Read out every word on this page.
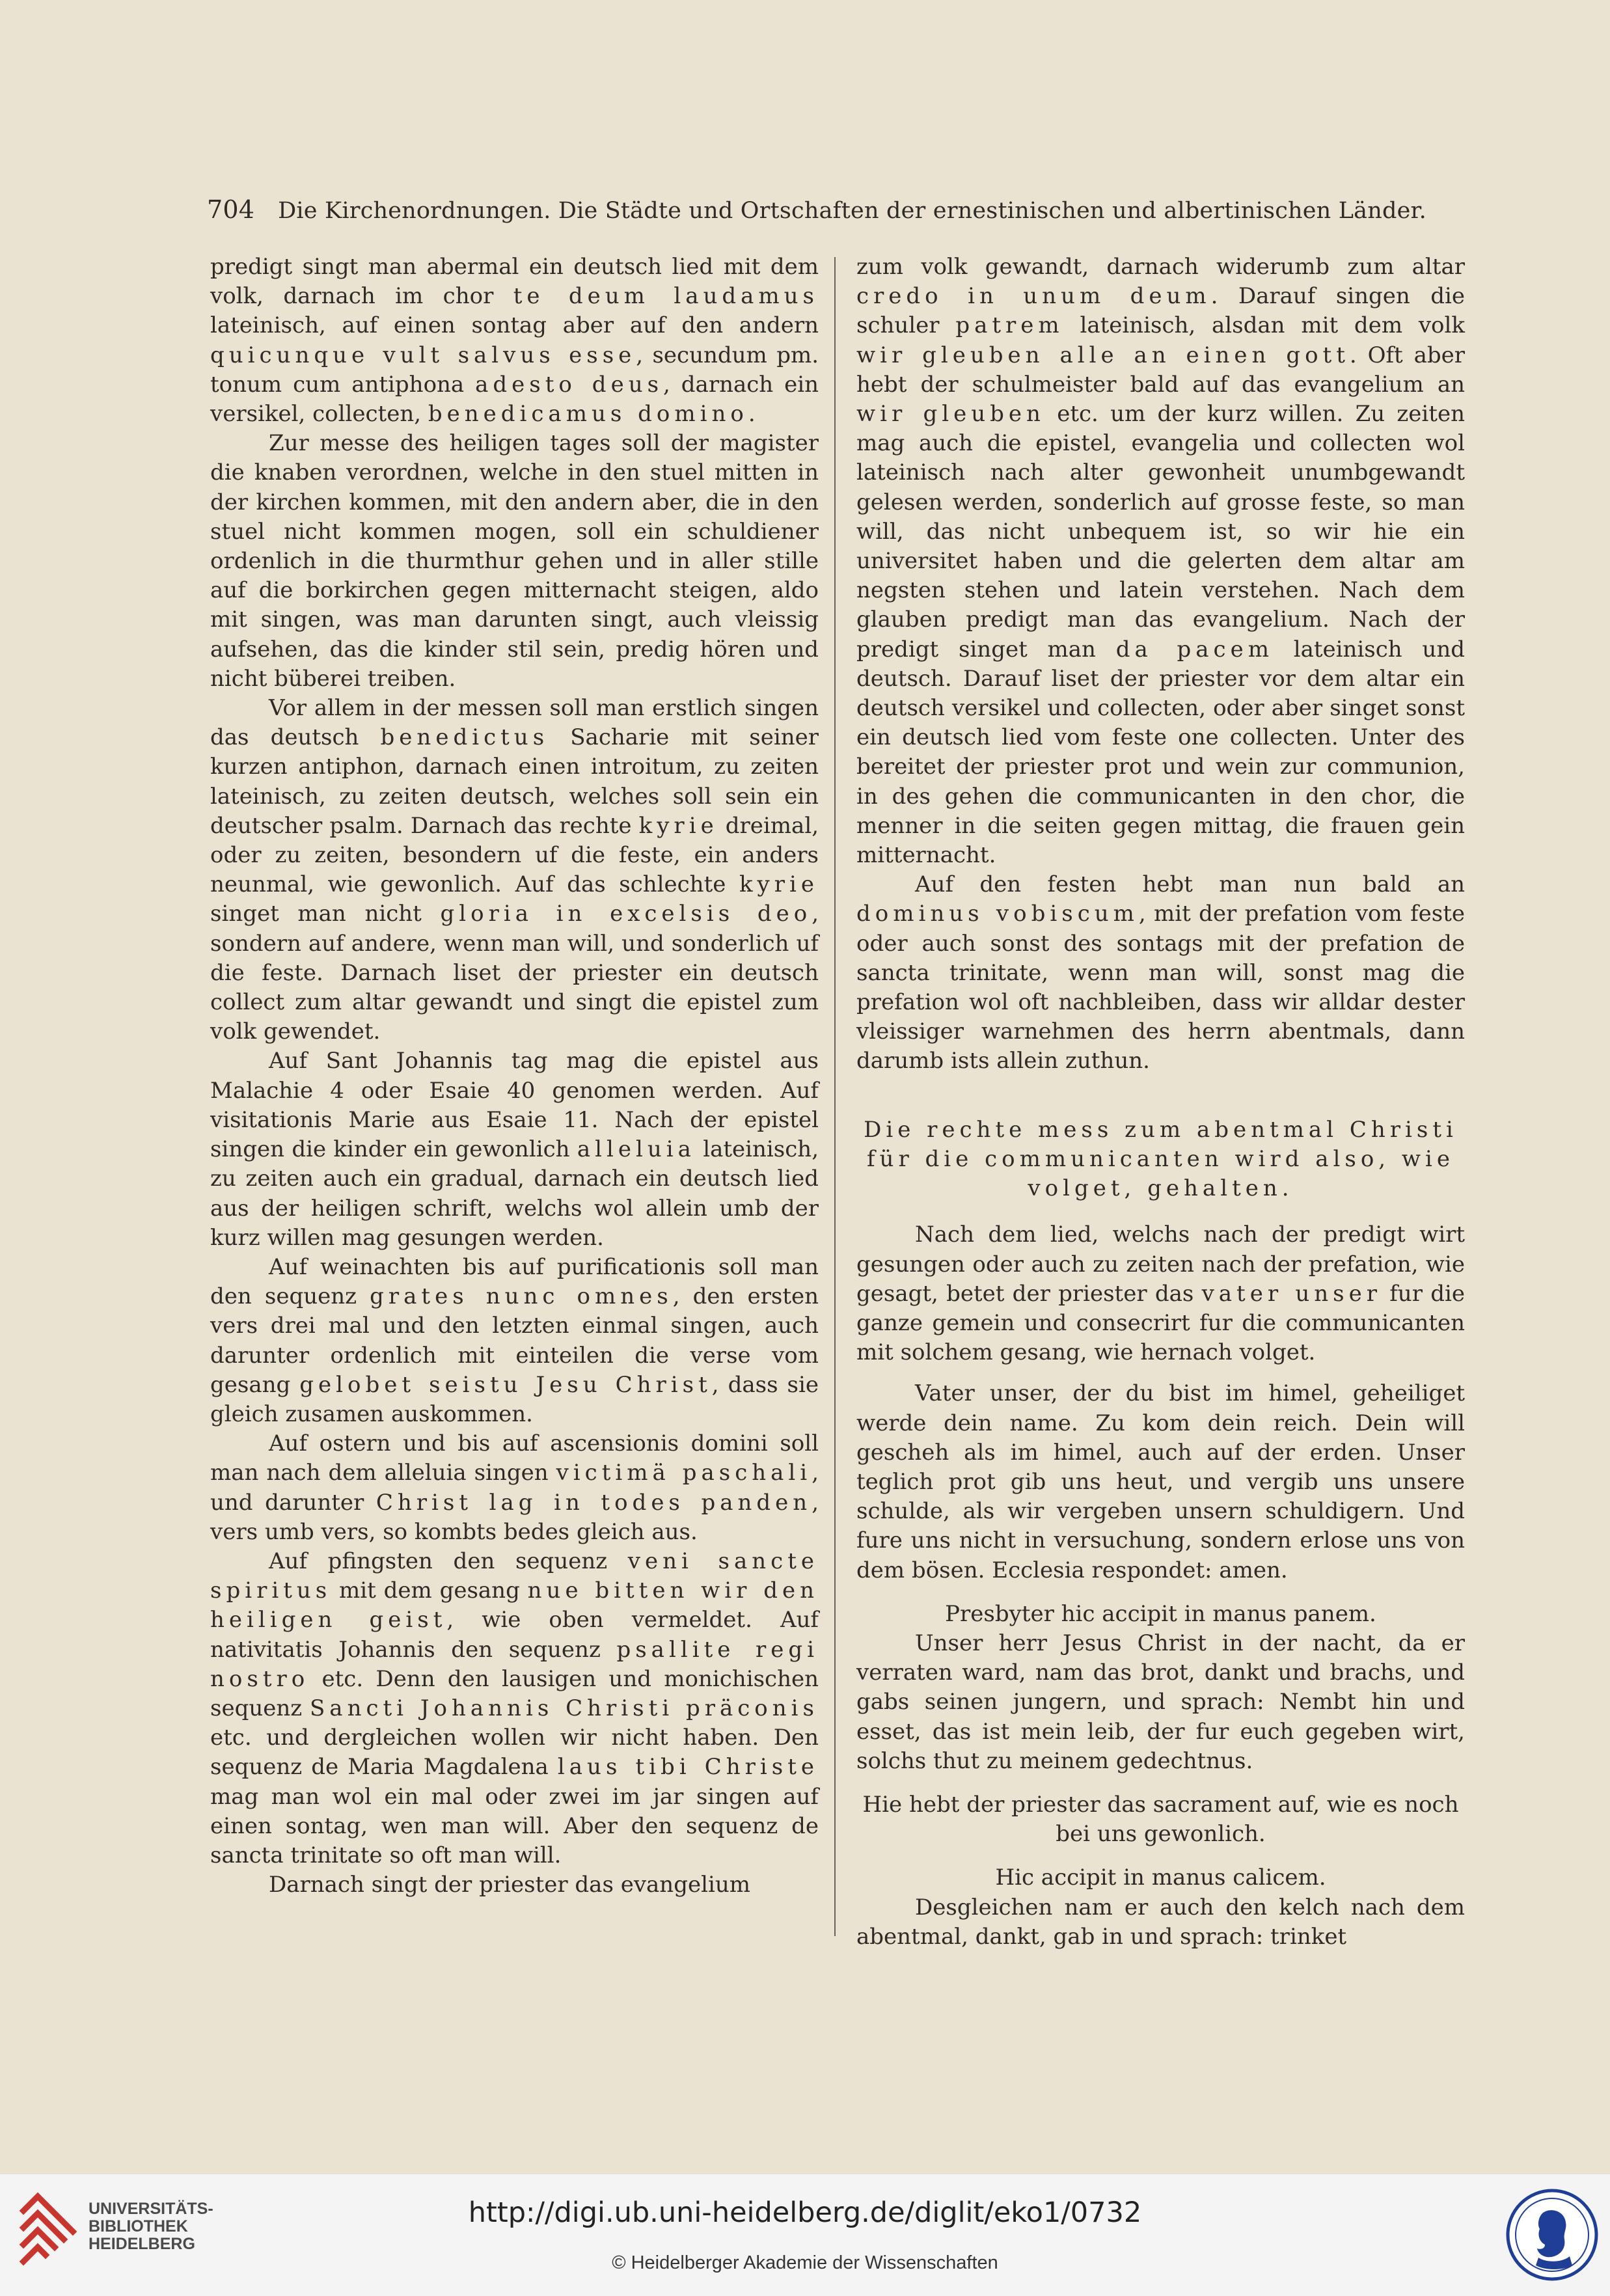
704 Die Kirchenordnungen. Die Städte und Ortschaften der ernestinischen und albertinischen Länder.

predigt singt man abermal ein deutsch lied mit dem volk, darnach im chor te deum laudamus lateinisch, auf einen sontag aber auf den andern quicunque vult salvus esse, secundum pm. tonum cum antiphona adesto deus, darnach ein versikel, collecten, benedicamus domino.

Zur messe des heiligen tages soll der magister die knaben verordnen, welche in den stuel mitten in der kirchen kommen, mit den andern aber, die in den stuel nicht kommen mogen, soll ein schuldiener ordenlich in die thurmthur gehen und in aller stille auf die borkirchen gegen mitternacht steigen, aldo mit singen, was man darunten singt, auch vleissig aufsehen, das die kinder stil sein, predig hören und nicht büberei treiben.

Vor allem in der messen soll man erstlich singen das deutsch benedictus Sacharie mit seiner kurzen antiphon, darnach einen introitum, zu zeiten lateinisch, zu zeiten deutsch, welches soll sein ein deutscher psalm. Darnach das rechte kyrie dreimal, oder zu zeiten, besondern uf die feste, ein anders neunmal, wie gewonlich. Auf das schlechte kyrie singet man nicht gloria in excelsis deo, sondern auf andere, wenn man will, und sonderlich uf die feste. Darnach liset der priester ein deutsch collect zum altar gewandt und singt die epistel zum volk gewendet.

Auf Sant Johannis tag mag die epistel aus Malachie 4 oder Esaie 40 genomen werden. Auf visitationis Marie aus Esaie 11. Nach der epistel singen die kinder ein gewonlich alleluia lateinisch, zu zeiten auch ein gradual, darnach ein deutsch lied aus der heiligen schrift, welchs wol allein umb der kurz willen mag gesungen werden.

Auf weinachten bis auf purificationis soll man den sequenz grates nunc omnes, den ersten vers drei mal und den letzten einmal singen, auch darunter ordenlich mit einteilen die verse vom gesang gelobet seistu Jesu Christ, dass sie gleich zusamen auskommen.

Auf ostern und bis auf ascensionis domini soll man nach dem alleluia singen victimä paschali, und darunter Christ lag in todes panden, vers umb vers, so kombts bedes gleich aus.

Auf pfingsten den sequenz veni sancte spiritus mit dem gesang nue bitten wir den heiligen geist, wie oben vermeldet. Auf nativitatis Johannis den sequenz psallite regi nostro etc. Denn den lausigen und monichischen sequenz Sancti Johannis Christi präconis etc. und dergleichen wollen wir nicht haben. Den sequenz de Maria Magdalena laus tibi Christe mag man wol ein mal oder zwei im jar singen auf einen sontag, wen man will. Aber den sequenz de sancta trinitate so oft man will.

Darnach singt der priester das evangelium

zum volk gewandt, darnach widerumb zum altar credo in unum deum. Darauf singen die schuler patrem lateinisch, alsdan mit dem volk wir gleuben alle an einen gott. Oft aber hebt der schulmeister bald auf das evangelium an wir gleuben etc. um der kurz willen. Zu zeiten mag auch die epistel, evangelia und collecten wol lateinisch nach alter gewonheit unumbgewandt gelesen werden, sonderlich auf grosse feste, so man will, das nicht unbequem ist, so wir hie ein universitet haben und die gelerten dem altar am negsten stehen und latein verstehen. Nach dem glauben predigt man das evangelium. Nach der predigt singet man da pacem lateinisch und deutsch. Darauf liset der priester vor dem altar ein deutsch versikel und collecten, oder aber singet sonst ein deutsch lied vom feste one collecten. Unter des bereitet der priester prot und wein zur communion, in des gehen die communicanten in den chor, die menner in die seiten gegen mittag, die frauen gein mitternacht.

Auf den festen hebt man nun bald an dominus vobiscum, mit der prefation vom feste oder auch sonst des sontags mit der prefation de sancta trinitate, wenn man will, sonst mag die prefation wol oft nachbleiben, dass wir alldar dester vleissiger warnehmen des herrn abentmals, dann darumb ists allein zuthun.

Die rechte mess zum abentmal Christi
für die communicanten wird also, wie
volget, gehalten.

Nach dem lied, welchs nach der predigt wirt gesungen oder auch zu zeiten nach der prefation, wie gesagt, betet der priester das vater unser fur die ganze gemein und consecrirt fur die communicanten mit solchem gesang, wie hernach volget.

Vater unser, der du bist im himel, geheiliget werde dein name. Zu kom dein reich. Dein will gescheh als im himel, auch auf der erden. Unser teglich prot gib uns heut, und vergib uns unsere schulde, als wir vergeben unsern schuldigern. Und fure uns nicht in versuchung, sondern erlose uns von dem bösen. Ecclesia respondet: amen.

Presbyter hic accipit in manus panem.

Unser herr Jesus Christ in der nacht, da er verraten ward, nam das brot, dankt und brachs, und gabs seinen jungern, und sprach: Nembt hin und esset, das ist mein leib, der fur euch gegeben wirt, solchs thut zu meinem gedechtnus.

Hie hebt der priester das sacrament auf, wie es noch bei uns gewonlich.

Hic accipit in manus calicem.

Desgleichen nam er auch den kelch nach dem abentmal, dankt, gab in und sprach: trinket

UNIVERSITÄTS-
BIBLIOTHEK
HEIDELBERG
http://digi.ub.uni-heidelberg.de/diglit/eko1/0732
© Heidelberger Akademie der Wissenschaften
